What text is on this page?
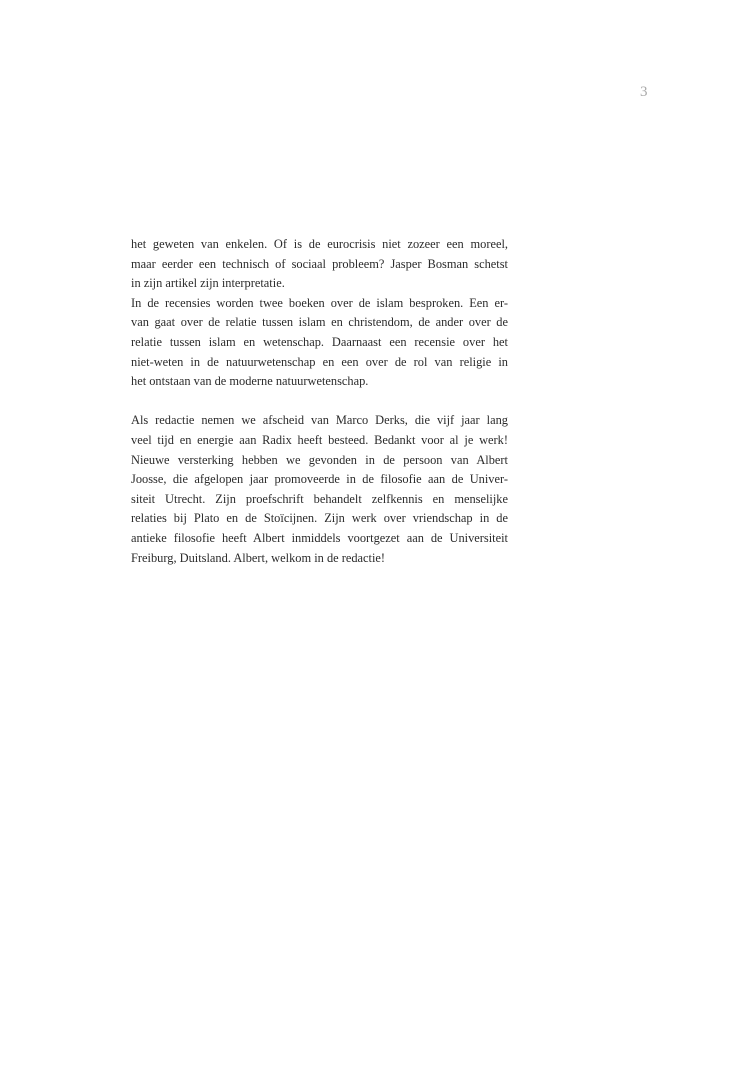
3
het geweten van enkelen. Of is de eurocrisis niet zozeer een moreel,
maar eerder een technisch of sociaal probleem? Jasper Bosman schetst
in zijn artikel zijn interpretatie.
In de recensies worden twee boeken over de islam besproken. Een er-
van gaat over de relatie tussen islam en christendom, de ander over de
relatie tussen islam en wetenschap. Daarnaast een recensie over het
niet-weten in de natuurwetenschap en een over de rol van religie in
het ontstaan van de moderne natuurwetenschap.
Als redactie nemen we afscheid van Marco Derks, die vijf jaar lang
veel tijd en energie aan Radix heeft besteed. Bedankt voor al je werk!
Nieuwe versterking hebben we gevonden in de persoon van Albert
Joosse, die afgelopen jaar promoveerde in de filosofie aan de Univer-
siteit Utrecht. Zijn proefschrift behandelt zelfkennis en menselijke
relaties bij Plato en de Stoïcijnen. Zijn werk over vriendschap in de
antieke filosofie heeft Albert inmiddels voortgezet aan de Universiteit
Freiburg, Duitsland. Albert, welkom in de redactie!
